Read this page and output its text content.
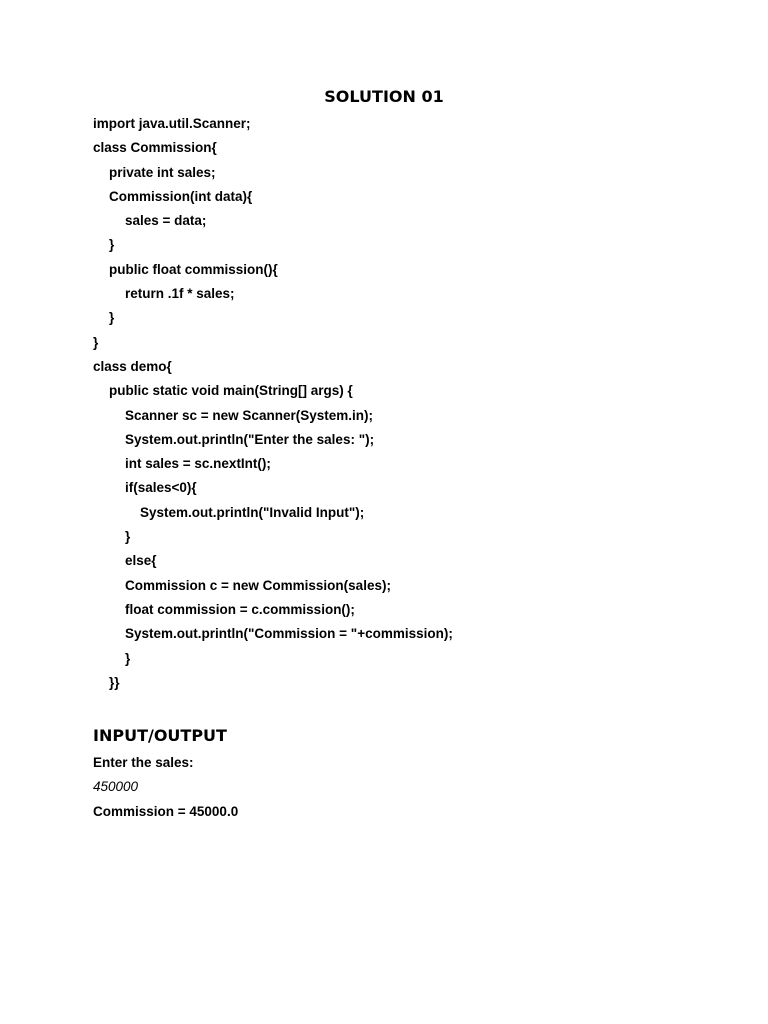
SOLUTION 01
import java.util.Scanner;
class Commission{
private int sales;
Commission(int data){
sales = data;
}
public float commission(){
return .1f * sales;
}
}
class demo{
public static void main(String[] args) {
Scanner sc = new Scanner(System.in);
System.out.println("Enter the sales: ");
int sales = sc.nextInt();
if(sales<0){
System.out.println("Invalid Input");
}
else{
Commission c = new Commission(sales);
float commission = c.commission();
System.out.println("Commission = "+commission);
}
}}
INPUT/OUTPUT
Enter the sales:
450000
Commission = 45000.0
